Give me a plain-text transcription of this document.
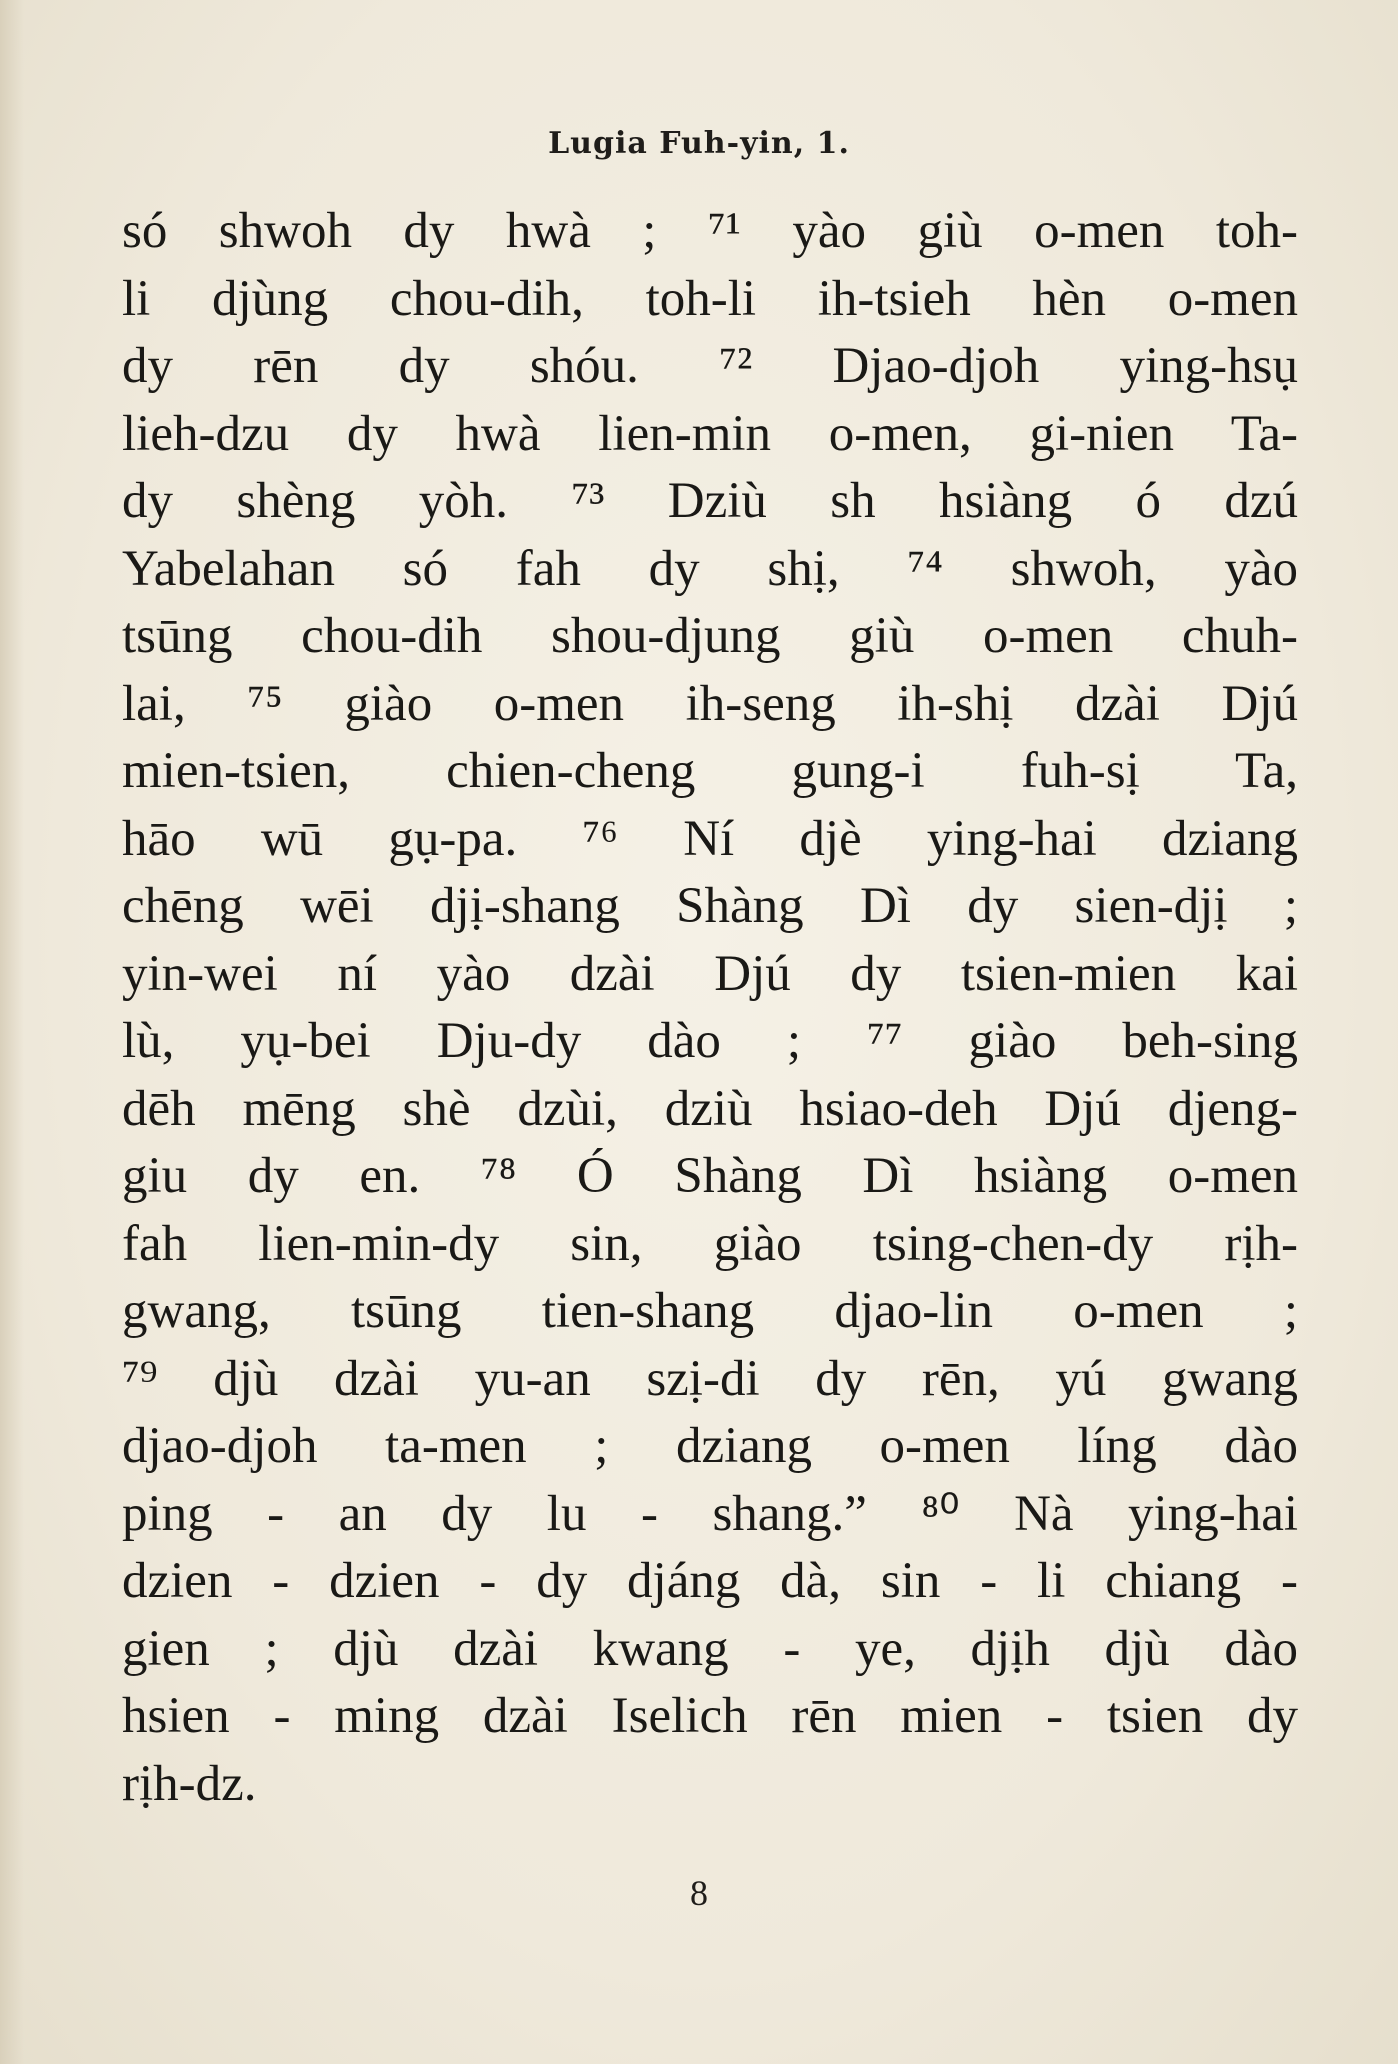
Lugia Fuh-yin, 1.
só shwoh dy hwà ; ⁷¹ yào giù o-men toh-
li djùng chou-dih, toh-li ih-tsieh hèn o-men
dy rēn dy shóu. ⁷² Djao-djoh ying-hsụ
lieh-dzu dy hwà lien-min o-men, gi-nien Ta-
dy shèng yòh. ⁷³ Dziù sh hsiàng ó dzú
Yabelahan só fah dy shị, ⁷⁴ shwoh, yào
tsūng chou-dih shou-djung giù o-men chuh-
lai, ⁷⁵ giào o-men ih-seng ih-shị dzài Djú
mien-tsien, chien-cheng gung-i fuh-sị Ta,
hāo wū gụ-pa. ⁷⁶ Ní djè ying-hai dziang
chēng wēi djị-shang Shàng Dì dy sien-djị ;
yin-wei ní yào dzài Djú dy tsien-mien kai
lù, yụ-bei Dju-dy dào ; ⁷⁷ giào beh-sing
dēh mēng shè dzùi, dziù hsiao-deh Djú djeng-
giu dy en. ⁷⁸ Ó Shàng Dì hsiàng o-men
fah lien-min-dy sin, giào tsing-chen-dy rịh-
gwang, tsūng tien-shang djao-lin o-men ;
⁷⁹ djù dzài yu-an szị-di dy rēn, yú gwang
djao-djoh ta-men ; dziang o-men líng dào
ping - an dy lu - shang.” ⁸⁰ Nà ying-hai
dzien - dzien - dy djáng dà, sin - li chiang -
gien ; djù dzài kwang - ye, djịh djù dào
hsien - ming dzài Iselich rēn mien - tsien dy
rịh-dz.
8
